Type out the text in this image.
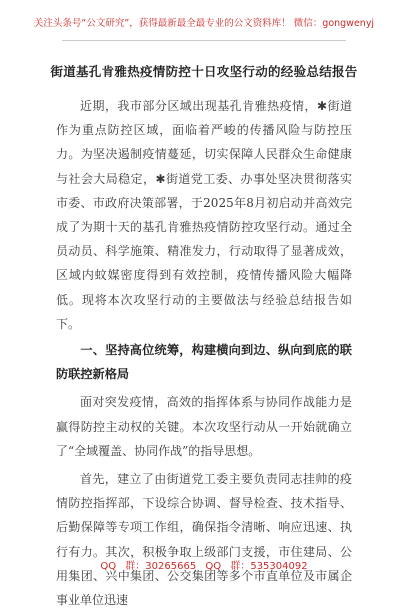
关注头条号“公文研究”，获得最新最全最专业的公文资料库！ 微信：gongwenyj
街道基孔肯雅热疫情防控十日攻坚行动的经验总结报告

近期，我市部分区域出现基孔肯雅热疫情，✱街道作为重点防控区域，面临着严峻的传播风险与防控压力。为坚决遏制疫情蔓延，切实保障人民群众生命健康与社会大局稳定，✱街道党工委、办事处坚决贯彻落实市委、市政府决策部署，于2025年8月初启动并高效完成了为期十天的基孔肯雅热疫情防控攻坚行动。通过全员动员、科学施策、精准发力，行动取得了显著成效，区域内蚊媒密度得到有效控制，疫情传播风险大幅降低。现将本次攻坚行动的主要做法与经验总结报告如下。

一、坚持高位统筹，构建横向到边、纵向到底的联防联控新格局

面对突发疫情，高效的指挥体系与协同作战能力是赢得防控主动权的关键。本次攻坚行动从一开始就确立了“全域覆盖、协同作战”的指导思想。

首先，建立了由街道党工委主要负责同志挂帅的疫情防控指挥部，下设综合协调、督导检查、技术指导、后勤保障等专项工作组，确保指令清晰、响应迅速、执行有力。其次，积极争取上级部门支援，市住建局、公用集团、兴中集团、公交集团等多个市直单位及市属企事业单位迅速

QQ 群：30265665 QQ 群：535304092
